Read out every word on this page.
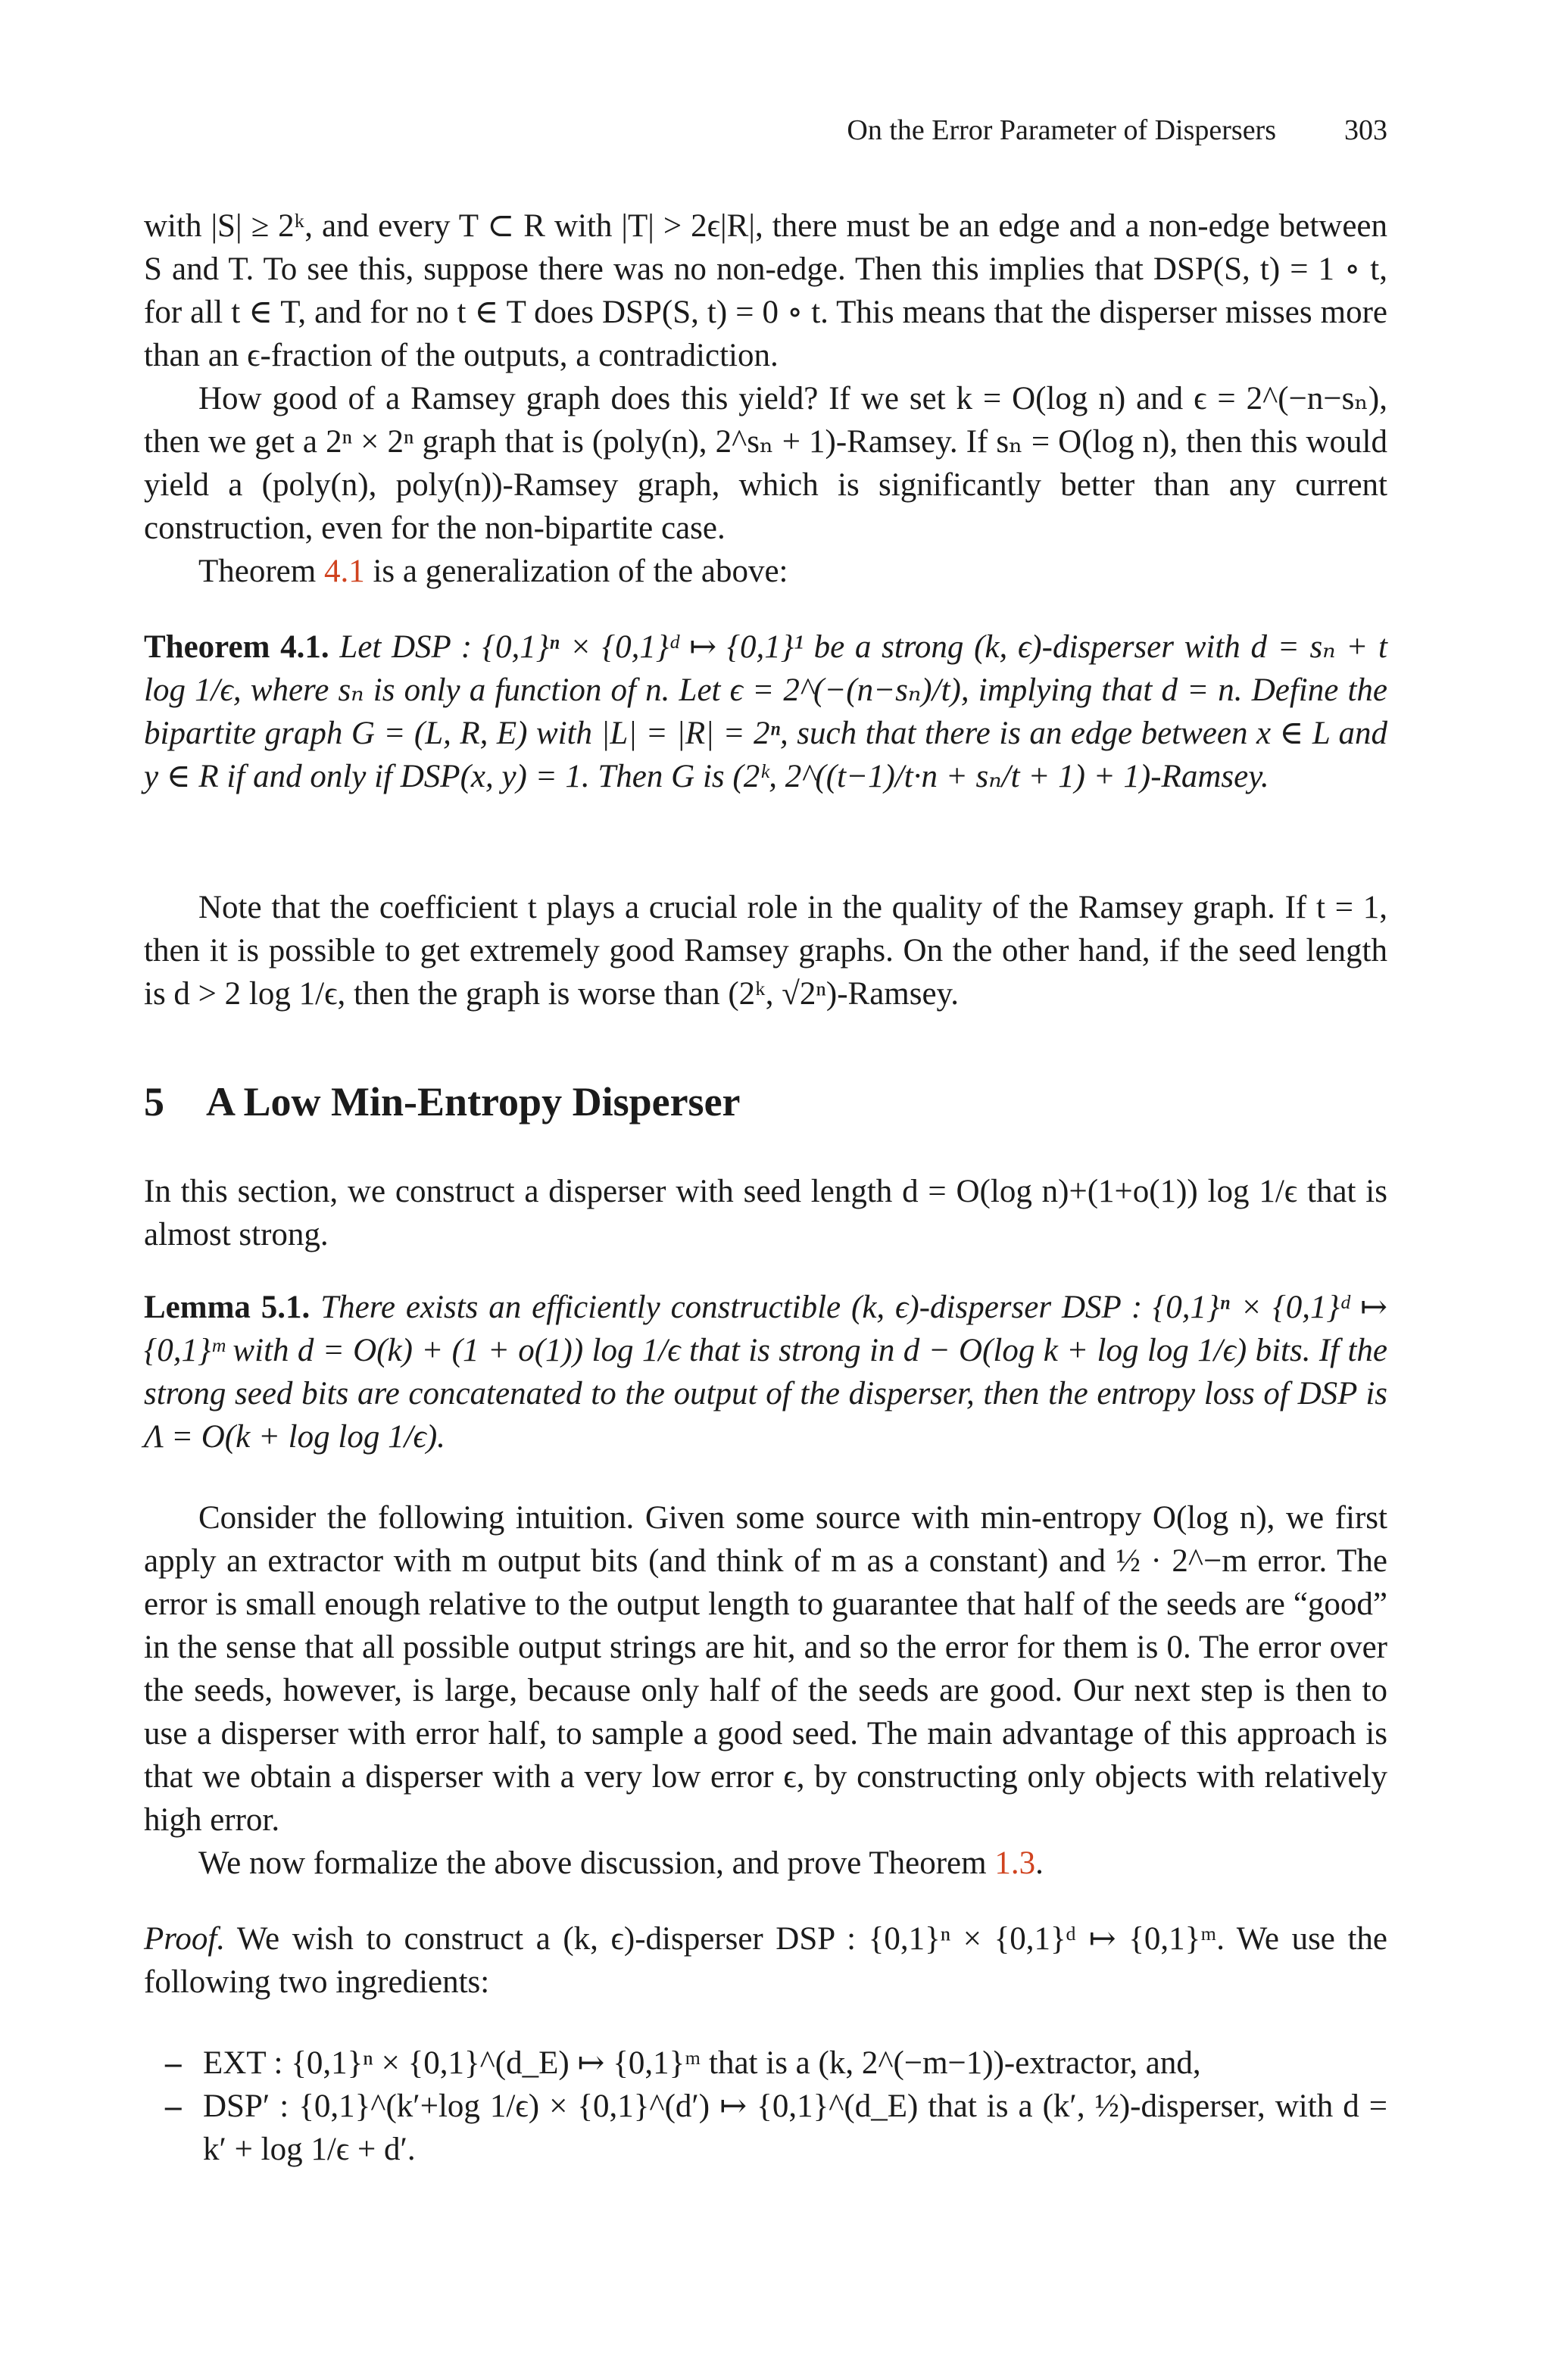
On the Error Parameter of Dispersers 303

with |S| ≥ 2ᵏ, and every T ⊂ R with |T| > 2ϵ|R|, there must be an edge and a non-edge between S and T. To see this, suppose there was no non-edge. Then this implies that DSP(S, t) = 1 ∘ t, for all t ∈ T, and for no t ∈ T does DSP(S, t) = 0 ∘ t. This means that the disperser misses more than an ϵ-fraction of the outputs, a contradiction.

How good of a Ramsey graph does this yield? If we set k = O(log n) and ϵ = 2^(−n−sₙ), then we get a 2ⁿ × 2ⁿ graph that is (poly(n), 2^sₙ + 1)-Ramsey. If sₙ = O(log n), then this would yield a (poly(n), poly(n))-Ramsey graph, which is significantly better than any current construction, even for the non-bipartite case.

Theorem 4.1 is a generalization of the above:

Theorem 4.1. Let DSP : {0,1}ⁿ × {0,1}ᵈ ↦ {0,1}¹ be a strong (k, ϵ)-disperser with d = sₙ + t log 1/ϵ, where sₙ is only a function of n. Let ϵ = 2^(−(n−sₙ)/t), implying that d = n. Define the bipartite graph G = (L, R, E) with |L| = |R| = 2ⁿ, such that there is an edge between x ∈ L and y ∈ R if and only if DSP(x, y) = 1. Then G is (2ᵏ, 2^((t−1)/t·n + sₙ/t + 1) + 1)-Ramsey.

Note that the coefficient t plays a crucial role in the quality of the Ramsey graph. If t = 1, then it is possible to get extremely good Ramsey graphs. On the other hand, if the seed length is d > 2 log 1/ϵ, then the graph is worse than (2ᵏ, √2ⁿ)-Ramsey.

5 A Low Min-Entropy Disperser

In this section, we construct a disperser with seed length d = O(log n)+(1+o(1)) log 1/ϵ that is almost strong.

Lemma 5.1. There exists an efficiently constructible (k, ϵ)-disperser DSP : {0,1}ⁿ × {0,1}ᵈ ↦ {0,1}ᵐ with d = O(k) + (1 + o(1)) log 1/ϵ that is strong in d − O(log k + log log 1/ϵ) bits. If the strong seed bits are concatenated to the output of the disperser, then the entropy loss of DSP is Λ = O(k + log log 1/ϵ).

Consider the following intuition. Given some source with min-entropy O(log n), we first apply an extractor with m output bits (and think of m as a constant) and ½ · 2^−m error. The error is small enough relative to the output length to guarantee that half of the seeds are “good” in the sense that all possible output strings are hit, and so the error for them is 0. The error over the seeds, however, is large, because only half of the seeds are good. Our next step is then to use a disperser with error half, to sample a good seed. The main advantage of this approach is that we obtain a disperser with a very low error ϵ, by constructing only objects with relatively high error.

We now formalize the above discussion, and prove Theorem 1.3.

Proof. We wish to construct a (k, ϵ)-disperser DSP : {0,1}ⁿ × {0,1}ᵈ ↦ {0,1}ᵐ. We use the following two ingredients:

– EXT : {0,1}ⁿ × {0,1}^(d_E) ↦ {0,1}ᵐ that is a (k, 2^(−m−1))-extractor, and,
– DSP′ : {0,1}^(k′+log 1/ϵ) × {0,1}^(d′) ↦ {0,1}^(d_E) that is a (k′, ½)-disperser, with d = k′ + log 1/ϵ + d′.
